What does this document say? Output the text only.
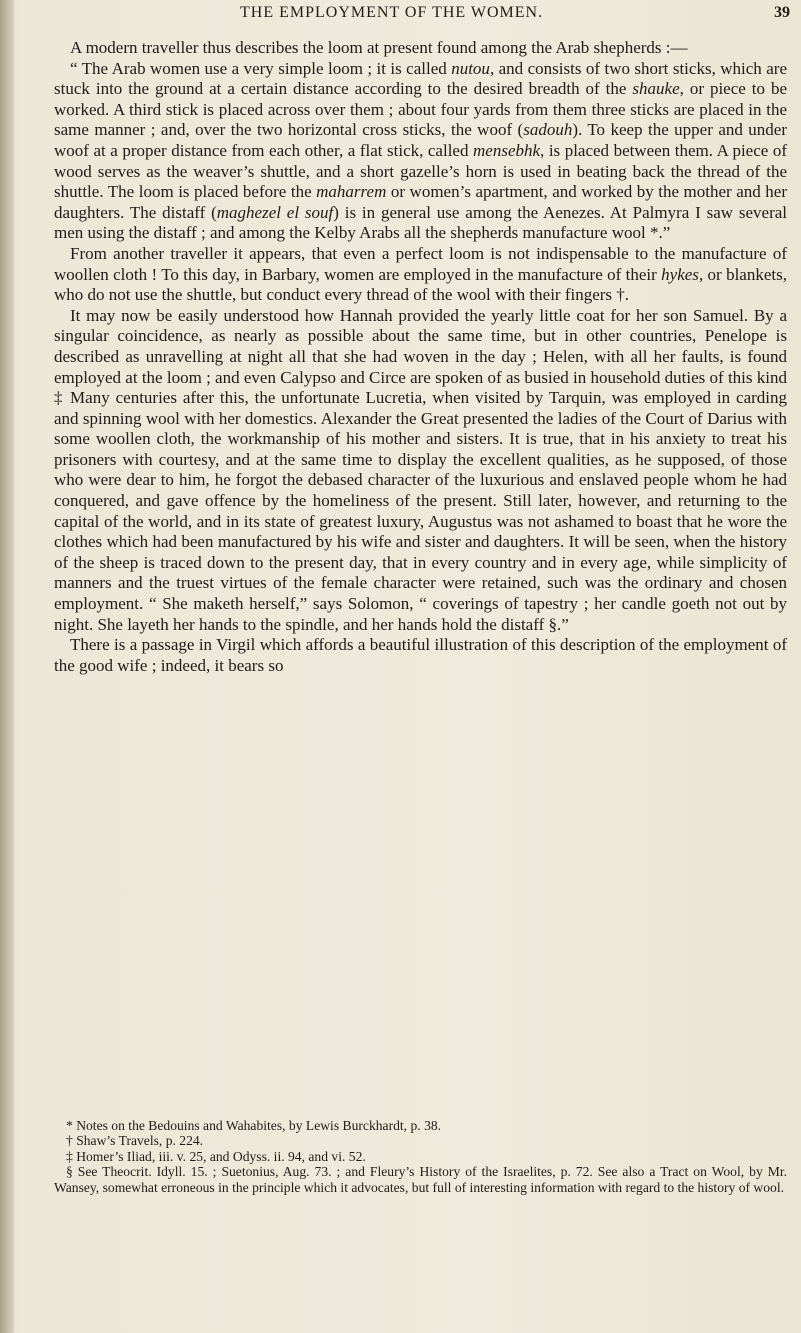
THE EMPLOYMENT OF THE WOMEN.	39

A modern traveller thus describes the loom at present found among the Arab shepherds :—

“ The Arab women use a very simple loom ; it is called nutou, and consists of two short sticks, which are stuck into the ground at a certain distance according to the desired breadth of the shauke, or piece to be worked. A third stick is placed across over them ; about four yards from them three sticks are placed in the same manner ; and, over the two horizontal cross sticks, the woof (sadouh). To keep the upper and under woof at a proper distance from each other, a flat stick, called mensebhk, is placed between them. A piece of wood serves as the weaver’s shuttle, and a short gazelle’s horn is used in beating back the thread of the shuttle. The loom is placed before the maharrem or women’s apartment, and worked by the mother and her daughters. The distaff (maghezel el souf) is in general use among the Aenezes. At Palmyra I saw several men using the distaff ; and among the Kelby Arabs all the shepherds manufacture wool *.”

From another traveller it appears, that even a perfect loom is not indispensable to the manufacture of woollen cloth ! To this day, in Barbary, women are employed in the manufacture of their hykes, or blankets, who do not use the shuttle, but conduct every thread of the wool with their fingers †.

It may now be easily understood how Hannah provided the yearly little coat for her son Samuel. By a singular coincidence, as nearly as possible about the same time, but in other countries, Penelope is described as unravelling at night all that she had woven in the day ; Helen, with all her faults, is found employed at the loom ; and even Calypso and Circe are spoken of as busied in household duties of this kind ‡ Many centuries after this, the unfortunate Lucretia, when visited by Tarquin, was employed in carding and spinning wool with her domestics. Alexander the Great presented the ladies of the Court of Darius with some woollen cloth, the workmanship of his mother and sisters. It is true, that in his anxiety to treat his prisoners with courtesy, and at the same time to display the excellent qualities, as he supposed, of those who were dear to him, he forgot the debased character of the luxurious and enslaved people whom he had conquered, and gave offence by the homeliness of the present. Still later, however, and returning to the capital of the world, and in its state of greatest luxury, Augustus was not ashamed to boast that he wore the clothes which had been manufactured by his wife and sister and daughters. It will be seen, when the history of the sheep is traced down to the present day, that in every country and in every age, while simplicity of manners and the truest virtues of the female character were retained, such was the ordinary and chosen employment. “ She maketh herself,” says Solomon, “ coverings of tapestry ; her candle goeth not out by night. She layeth her hands to the spindle, and her hands hold the distaff §.”

There is a passage in Virgil which affords a beautiful illustration of this description of the employment of the good wife ; indeed, it bears so

* Notes on the Bedouins and Wahabites, by Lewis Burckhardt, p. 38.

† Shaw’s Travels, p. 224.

‡ Homer’s Iliad, iii. v. 25, and Odyss. ii. 94, and vi. 52.

§ See Theocrit. Idyll. 15. ; Suetonius, Aug. 73. ; and Fleury’s History of the Israelites, p. 72. See also a Tract on Wool, by Mr. Wansey, somewhat erroneous in the principle which it advocates, but full of interesting information with regard to the history of wool.
